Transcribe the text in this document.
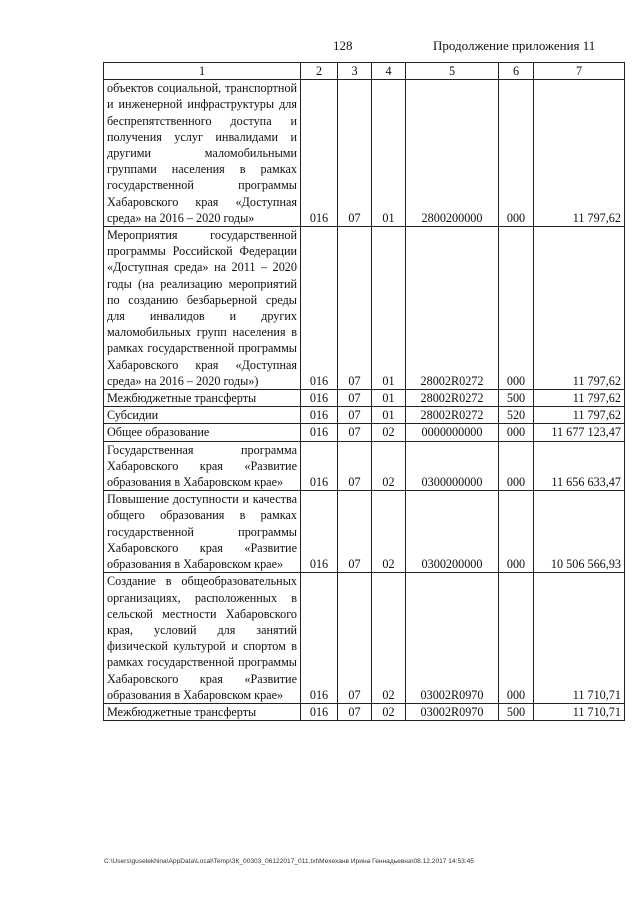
128	Продолжение приложения 11
1	2	3	4	5	6	7
объектов социальной, транспортной и инженерной инфраструктуры для беспрепятственного доступа и получения услуг инвалидами и другими маломобильными группами населения в рамках государственной программы Хабаровского края «Доступная среда» на 2016 – 2020 годы»	016	07	01	2800200000	000	11 797,62
Мероприятия государственной программы Российской Федерации «Доступная среда» на 2011 – 2020 годы (на реализацию мероприятий по созданию безбарьерной среды для инвалидов и других маломобильных групп населения в рамках государственной программы Хабаровского края «Доступная среда» на 2016 – 2020 годы»)	016	07	01	28002R0272	000	11 797,62
Межбюджетные трансферты	016	07	01	28002R0272	500	11 797,62
Субсидии	016	07	01	28002R0272	520	11 797,62
Общее образование	016	07	02	0000000000	000	11 677 123,47
Государственная программа Хабаровского края «Развитие образования в Хабаровском крае»	016	07	02	0300000000	000	11 656 633,47
Повышение доступности и качества общего образования в рамках государственной программы Хабаровского края «Развитие образования в Хабаровском крае»	016	07	02	0300200000	000	10 506 566,93
Создание в общеобразовательных организациях, расположенных в сельской местности Хабаровского края, условий для занятий физической культурой и спортом в рамках государственной программы Хабаровского края «Развитие образования в Хабаровском крае»	016	07	02	03002R0970	000	11 710,71
Межбюджетные трансферты	016	07	02	03002R0970	500	11 710,71
C:\Users\guselekhina\AppData\Local\Temp\ЗК_00303_06122017_011.txt\Мехеханв Ирина Геннадьевна\08.12.2017 14:53:45
